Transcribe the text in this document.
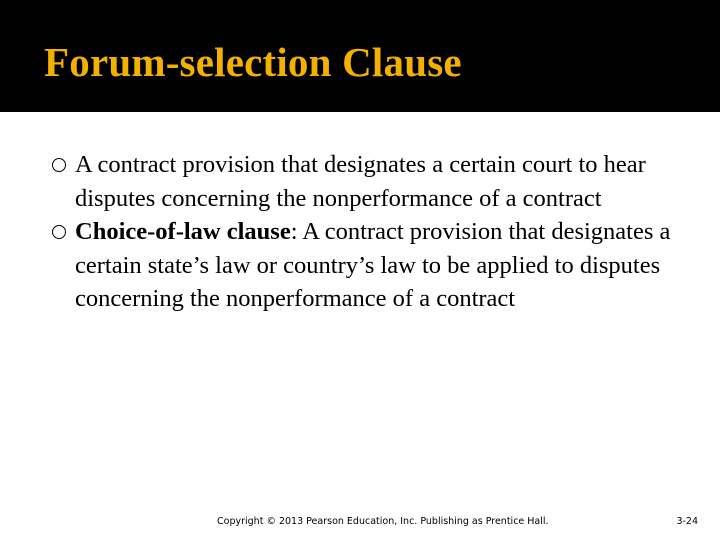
Forum-selection Clause

A contract provision that designates a certain court to hear disputes concerning the nonperformance of a contract

Choice-of-law clause: A contract provision that designates a certain state’s law or country’s law to be applied to disputes concerning the nonperformance of a contract

Copyright © 2013 Pearson Education, Inc. Publishing as Prentice Hall.	3-24
